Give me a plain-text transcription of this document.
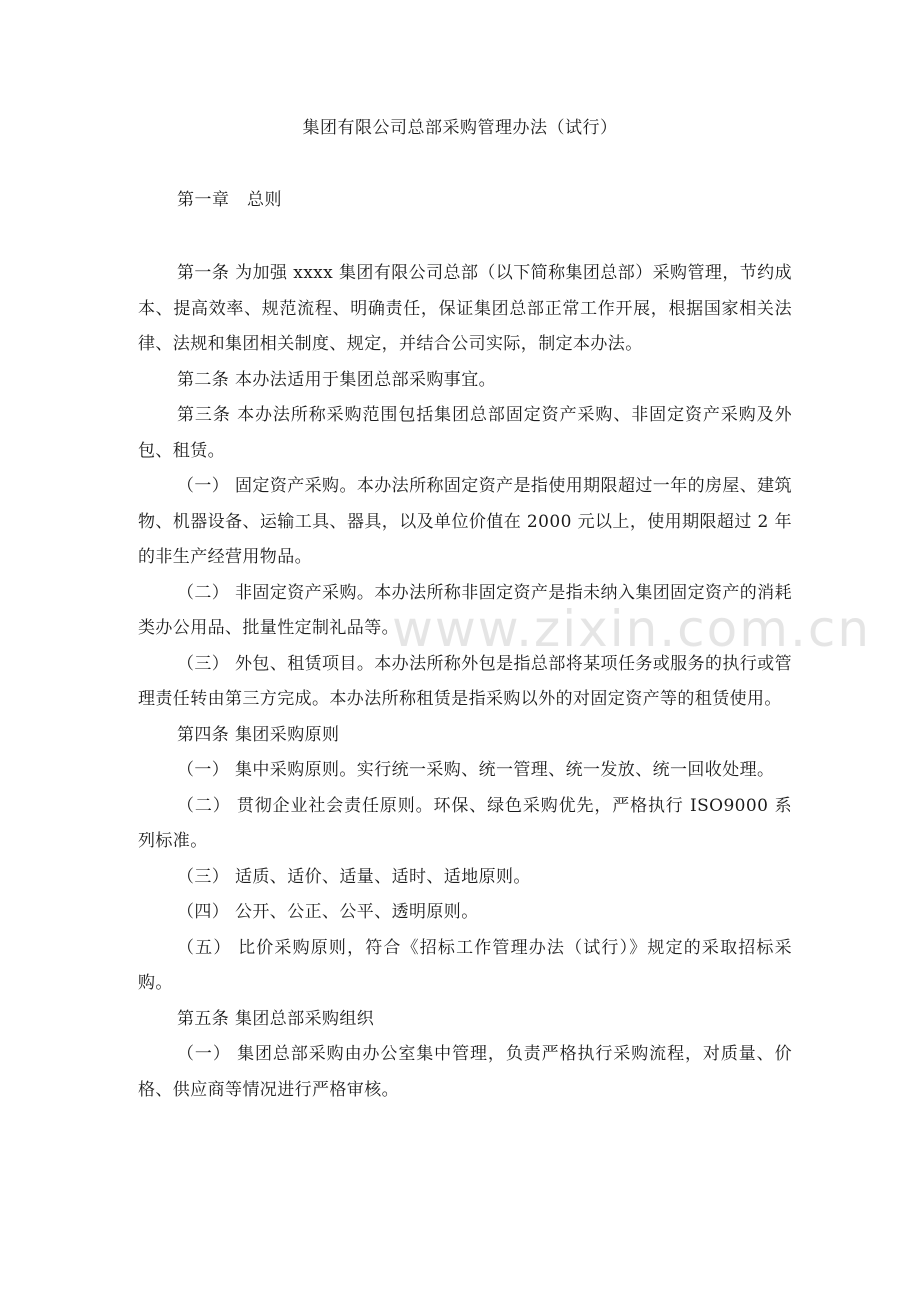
集团有限公司总部采购管理办法（试行）
第一章　总则

第一条 为加强 xxxx 集团有限公司总部（以下简称集团总部）采购管理，节约成本、提高效率、规范流程、明确责任，保证集团总部正常工作开展，根据国家相关法律、法规和集团相关制度、规定，并结合公司实际，制定本办法。

第二条 本办法适用于集团总部采购事宜。

第三条 本办法所称采购范围包括集团总部固定资产采购、非固定资产采购及外包、租赁。

（一） 固定资产采购。本办法所称固定资产是指使用期限超过一年的房屋、建筑物、机器设备、运输工具、器具，以及单位价值在 2000 元以上，使用期限超过 2 年的非生产经营用物品。

（二） 非固定资产采购。本办法所称非固定资产是指未纳入集团固定资产的消耗类办公用品、批量性定制礼品等。

（三） 外包、租赁项目。本办法所称外包是指总部将某项任务或服务的执行或管理责任转由第三方完成。本办法所称租赁是指采购以外的对固定资产等的租赁使用。

第四条 集团采购原则

（一） 集中采购原则。实行统一采购、统一管理、统一发放、统一回收处理。

（二） 贯彻企业社会责任原则。环保、绿色采购优先，严格执行 ISO9000 系列标准。

（三） 适质、适价、适量、适时、适地原则。

（四） 公开、公正、公平、透明原则。

（五） 比价采购原则，符合《招标工作管理办法（试行）》规定的采取招标采购。

第五条 集团总部采购组织

（一） 集团总部采购由办公室集中管理，负责严格执行采购流程，对质量、价格、供应商等情况进行严格审核。

www.zixin.com.cn
